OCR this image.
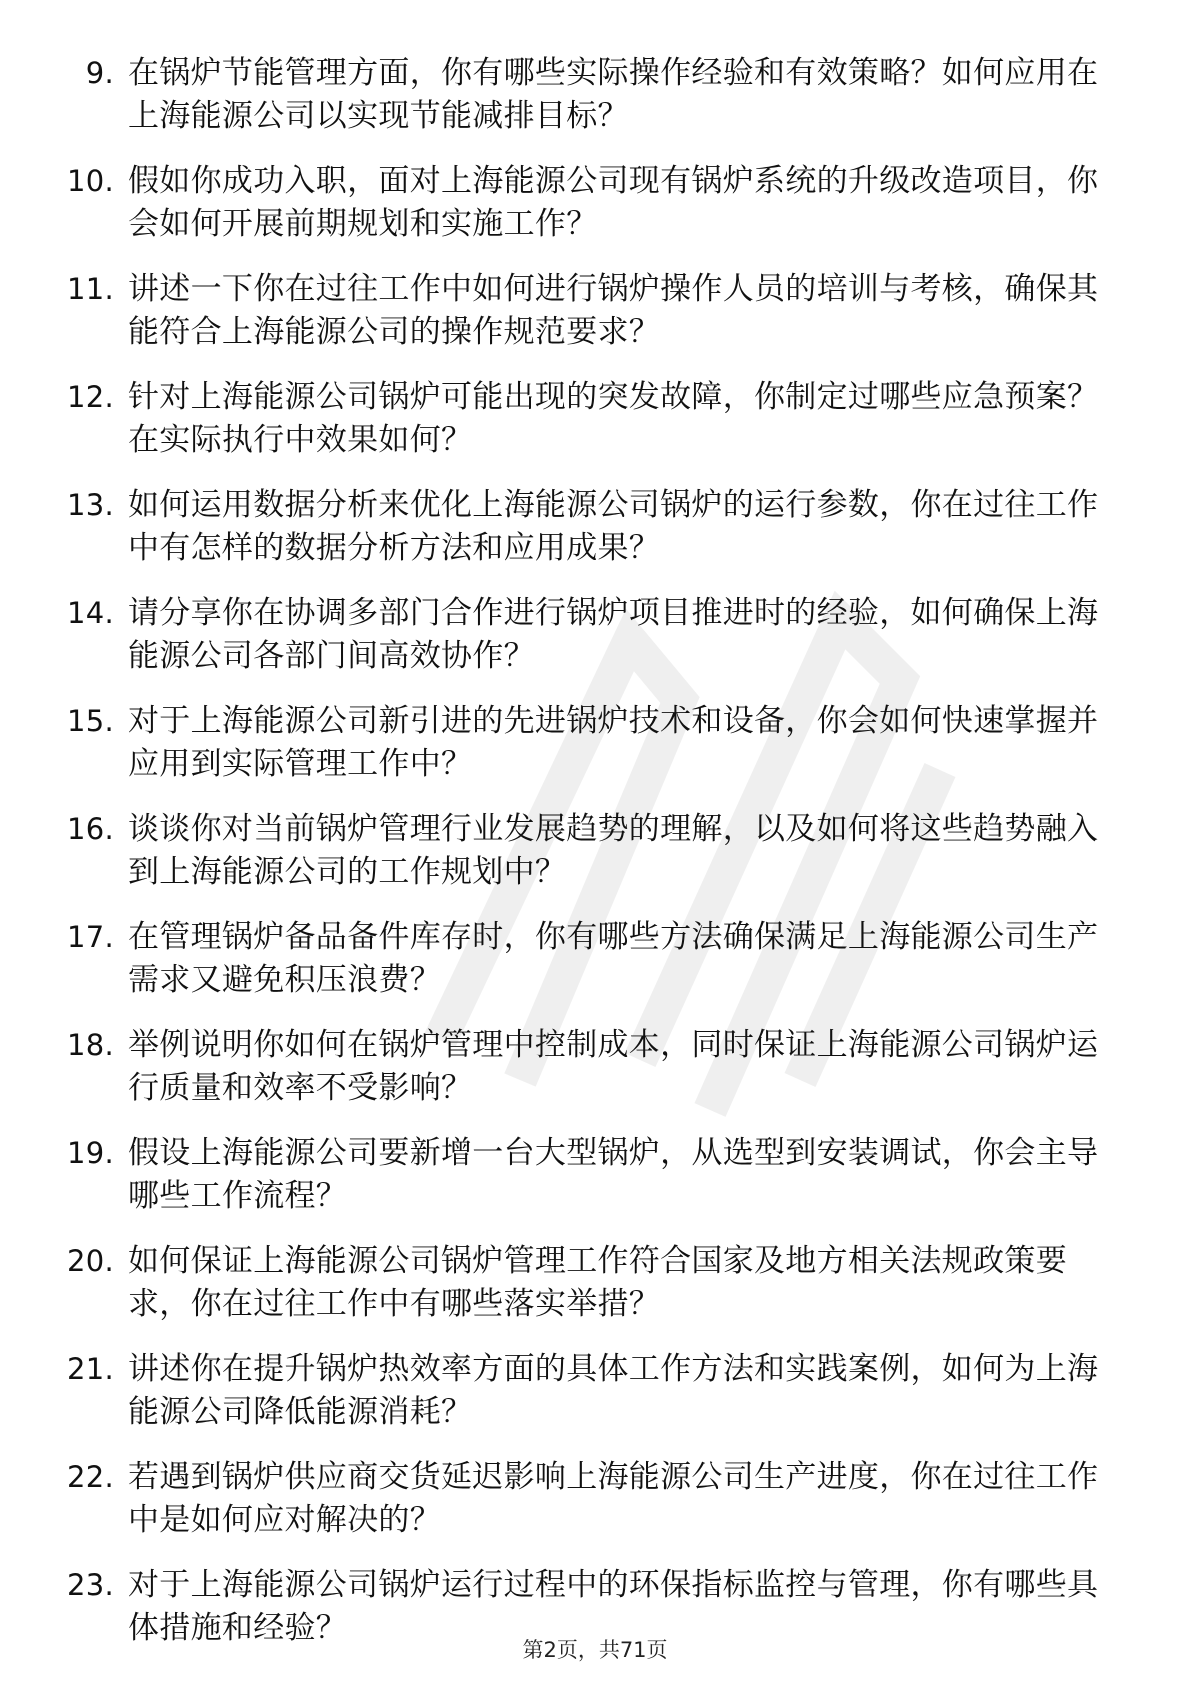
9. 在锅炉节能管理方面，你有哪些实际操作经验和有效策略？如何应用在上海能源公司以实现节能减排目标？
10. 假如你成功入职，面对上海能源公司现有锅炉系统的升级改造项目，你会如何开展前期规划和实施工作？
11. 讲述一下你在过往工作中如何进行锅炉操作人员的培训与考核，确保其能符合上海能源公司的操作规范要求？
12. 针对上海能源公司锅炉可能出现的突发故障，你制定过哪些应急预案？在实际执行中效果如何？
13. 如何运用数据分析来优化上海能源公司锅炉的运行参数，你在过往工作中有怎样的数据分析方法和应用成果？
14. 请分享你在协调多部门合作进行锅炉项目推进时的经验，如何确保上海能源公司各部门间高效协作？
15. 对于上海能源公司新引进的先进锅炉技术和设备，你会如何快速掌握并应用到实际管理工作中？
16. 谈谈你对当前锅炉管理行业发展趋势的理解，以及如何将这些趋势融入到上海能源公司的工作规划中？
17. 在管理锅炉备品备件库存时，你有哪些方法确保满足上海能源公司生产需求又避免积压浪费？
18. 举例说明你如何在锅炉管理中控制成本，同时保证上海能源公司锅炉运行质量和效率不受影响？
19. 假设上海能源公司要新增一台大型锅炉，从选型到安装调试，你会主导哪些工作流程？
20. 如何保证上海能源公司锅炉管理工作符合国家及地方相关法规政策要求，你在过往工作中有哪些落实举措？
21. 讲述你在提升锅炉热效率方面的具体工作方法和实践案例，如何为上海能源公司降低能源消耗？
22. 若遇到锅炉供应商交货延迟影响上海能源公司生产进度，你在过往工作中是如何应对解决的？
23. 对于上海能源公司锅炉运行过程中的环保指标监控与管理，你有哪些具体措施和经验？
第2页，共71页
